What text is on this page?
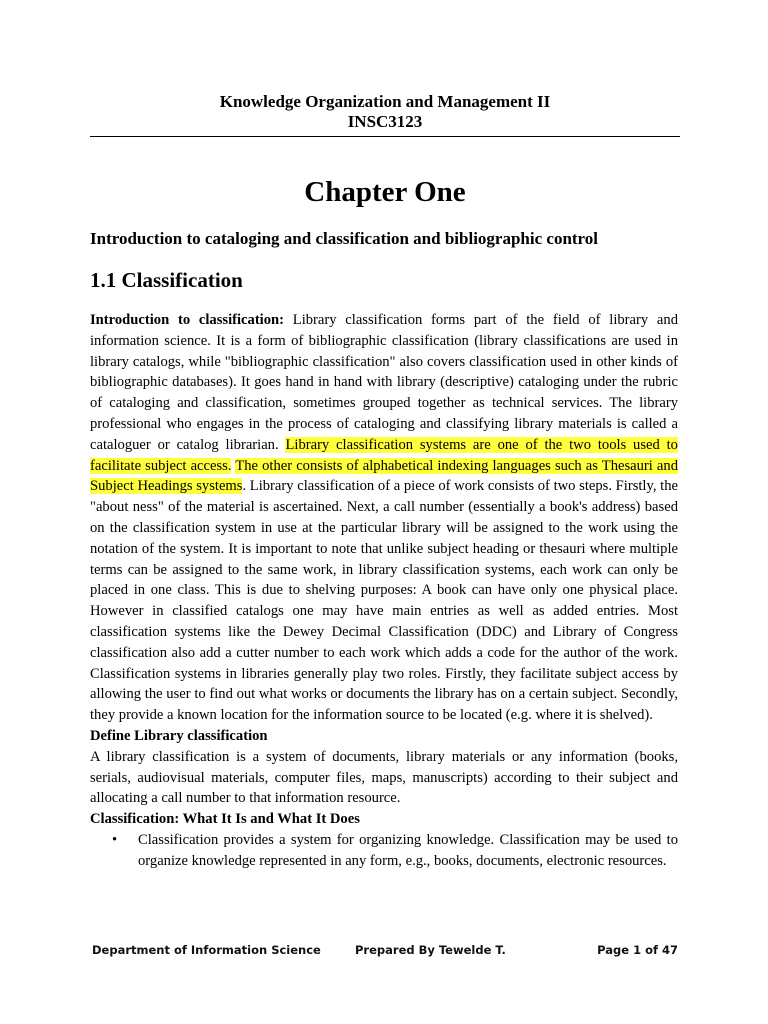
Knowledge Organization and Management II
INSC3123
Chapter One
Introduction to cataloging and classification and bibliographic control
1.1 Classification

Introduction to classification: Library classification forms part of the field of library and information science. It is a form of bibliographic classification (library classifications are used in library catalogs, while "bibliographic classification" also covers classification used in other kinds of bibliographic databases). It goes hand in hand with library (descriptive) cataloging under the rubric of cataloging and classification, sometimes grouped together as technical services. The library professional who engages in the process of cataloging and classifying library materials is called a cataloguer or catalog librarian. Library classification systems are one of the two tools used to facilitate subject access. The other consists of alphabetical indexing languages such as Thesauri and Subject Headings systems. Library classification of a piece of work consists of two steps. Firstly, the "about ness" of the material is ascertained. Next, a call number (essentially a book's address) based on the classification system in use at the particular library will be assigned to the work using the notation of the system. It is important to note that unlike subject heading or thesauri where multiple terms can be assigned to the same work, in library classification systems, each work can only be placed in one class. This is due to shelving purposes: A book can have only one physical place. However in classified catalogs one may have main entries as well as added entries. Most classification systems like the Dewey Decimal Classification (DDC) and Library of Congress classification also add a cutter number to each work which adds a code for the author of the work. Classification systems in libraries generally play two roles. Firstly, they facilitate subject access by allowing the user to find out what works or documents the library has on a certain subject. Secondly, they provide a known location for the information source to be located (e.g. where it is shelved).

Define Library classification

A library classification is a system of documents, library materials or any information (books, serials, audiovisual materials, computer files, maps, manuscripts) according to their subject and allocating a call number to that information resource.

Classification: What It Is and What It Does
• Classification provides a system for organizing knowledge. Classification may be used to organize knowledge represented in any form, e.g., books, documents, electronic resources.
Department of Information Science	Prepared By Tewelde T.	Page 1 of 47
